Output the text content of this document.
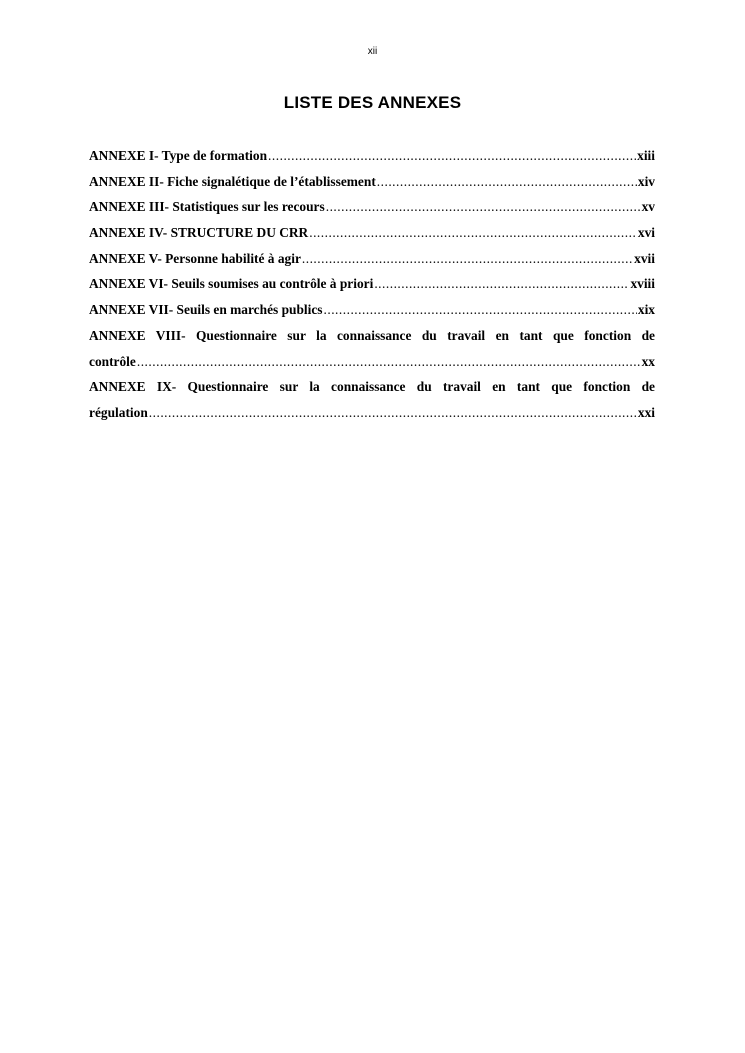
xii
LISTE DES ANNEXES
ANNEXE I- Type de formation .....	xiii
ANNEXE II- Fiche signalétique de l’établissement .....	xiv
ANNEXE III- Statistiques sur les recours .....	xv
ANNEXE IV- STRUCTURE DU CRR .....	xvi
ANNEXE V- Personne habilité à agir .....	xvii
ANNEXE VI- Seuils soumises au contrôle à priori .....	xviii
ANNEXE VII- Seuils en marchés publics .....	xix
ANNEXE VIII- Questionnaire sur la connaissance du travail en tant que fonction de
contrôle .....	xx
ANNEXE IX- Questionnaire sur la connaissance du travail en tant que fonction de
régulation .....	xxi
